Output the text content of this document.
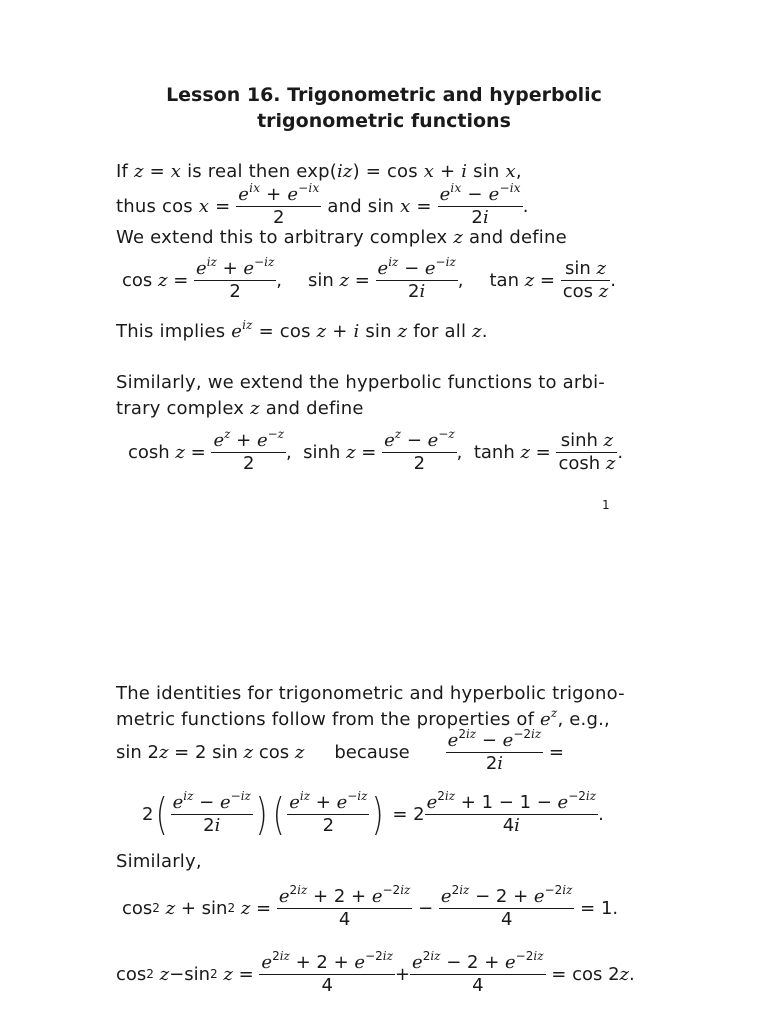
Lesson 16. Trigonometric and hyperbolic
trigonometric functions
If z = x is real then exp(iz) = cos x + i sin x,
thus $\cos x = \frac{e^{ix} + e^{-ix}}{2}$
and $\sin x = \frac{e^{ix} - e^{-ix}}{2i}$ .
We extend this to arbitrary complex z and define
$\cos z = \frac{e^{iz} + e^{-iz}}{2}$ ,
$\sin z = \frac{e^{iz} - e^{-iz}}{2i}$ ,
$\tan z = \frac{\text{sin z}}{\text{cos z}}$ .
This implies $e^{iz} = \cos z + i$ sin z for all z.
Similarly, we extend the hyperbolic functions to arbi-
trary complex z and define
$\cosh z = \frac{e^z + e^{-z}}{2}$ ,  $\sinh z = \frac{e^z - e^{-z}}{2}$ ,  $\tanh z = \frac{\text{sinh z}}{\text{cosh z}}$ .
1
The identities for trigonometric and hyperbolic trigono-
metric functions follow from the properties of $e^z$, e.g.,
sin 2 z = 2 sin z cos z because $\frac{e^{2iz} - e^{-2iz}}{2i}$ =
2 ( $\frac{e^{iz} - e^{-iz}}{2i}$ ) ( $\frac{e^{iz} + e^{-iz}}{2}$ ) = $2 \frac{e^{2iz} + 1 - 1 - e^{-2iz}}{4i}$ .
Similarly,
$\cos^2$
$z + \sin^2$
$z = \frac{e^{2iz} + 2 + e^{-2iz}}{4} - \frac{e^{2iz} - 2 + e^{-2iz}}{4} = 1$.
$\cos^2$
$z -\sin^2$
$z = \frac{e^{2iz} + 2 + e^{-2iz}}{4} + \frac{e^{2iz} - 2 + e^{-2iz}}{4} = \cos 2$ z .
